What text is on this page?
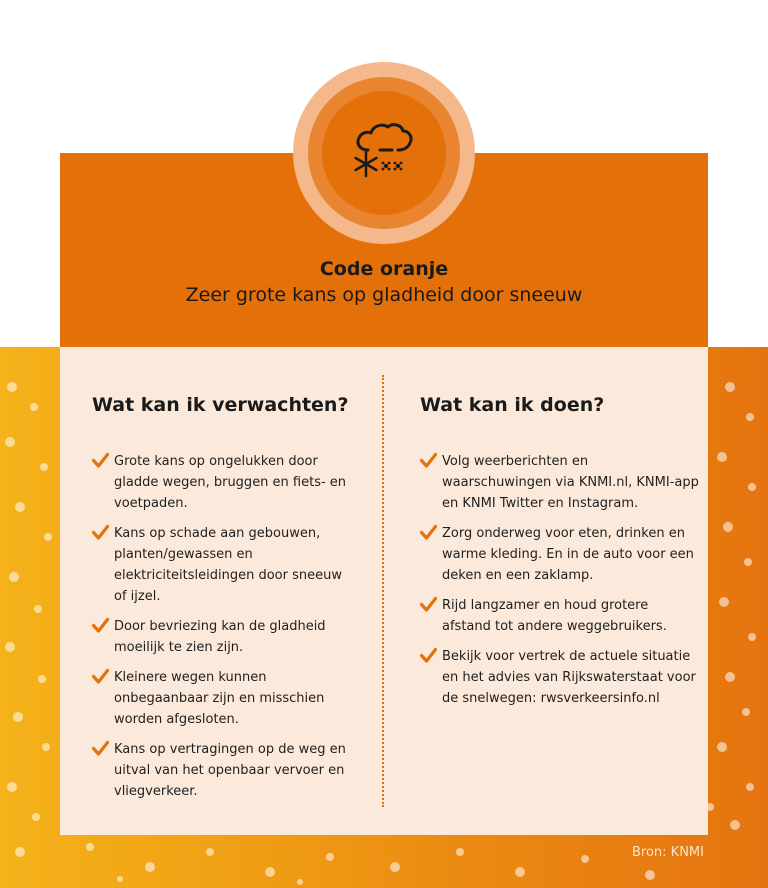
Code oranje
Zeer grote kans op gladheid door sneeuw
Wat kan ik verwachten?
Grote kans op ongelukken door gladde wegen, bruggen en fiets- en voetpaden.
Kans op schade aan gebouwen, planten/gewassen en elektriciteitsleidingen door sneeuw of ijzel.
Door bevriezing kan de gladheid moeilijk te zien zijn.
Kleinere wegen kunnen onbegaanbaar zijn en misschien worden afgesloten.
Kans op vertragingen op de weg en uitval van het openbaar vervoer en vliegverkeer.
Wat kan ik doen?
Volg weerberichten en waarschuwingen via KNMI.nl, KNMI-app en KNMI Twitter en Instagram.
Zorg onderweg voor eten, drinken en warme kleding. En in de auto voor een deken en een zaklamp.
Rijd langzamer en houd grotere afstand tot andere weggebruikers.
Bekijk voor vertrek de actuele situatie en het advies van Rijkswaterstaat voor de snelwegen: rwsverkeersinfo.nl
Bron: KNMI
